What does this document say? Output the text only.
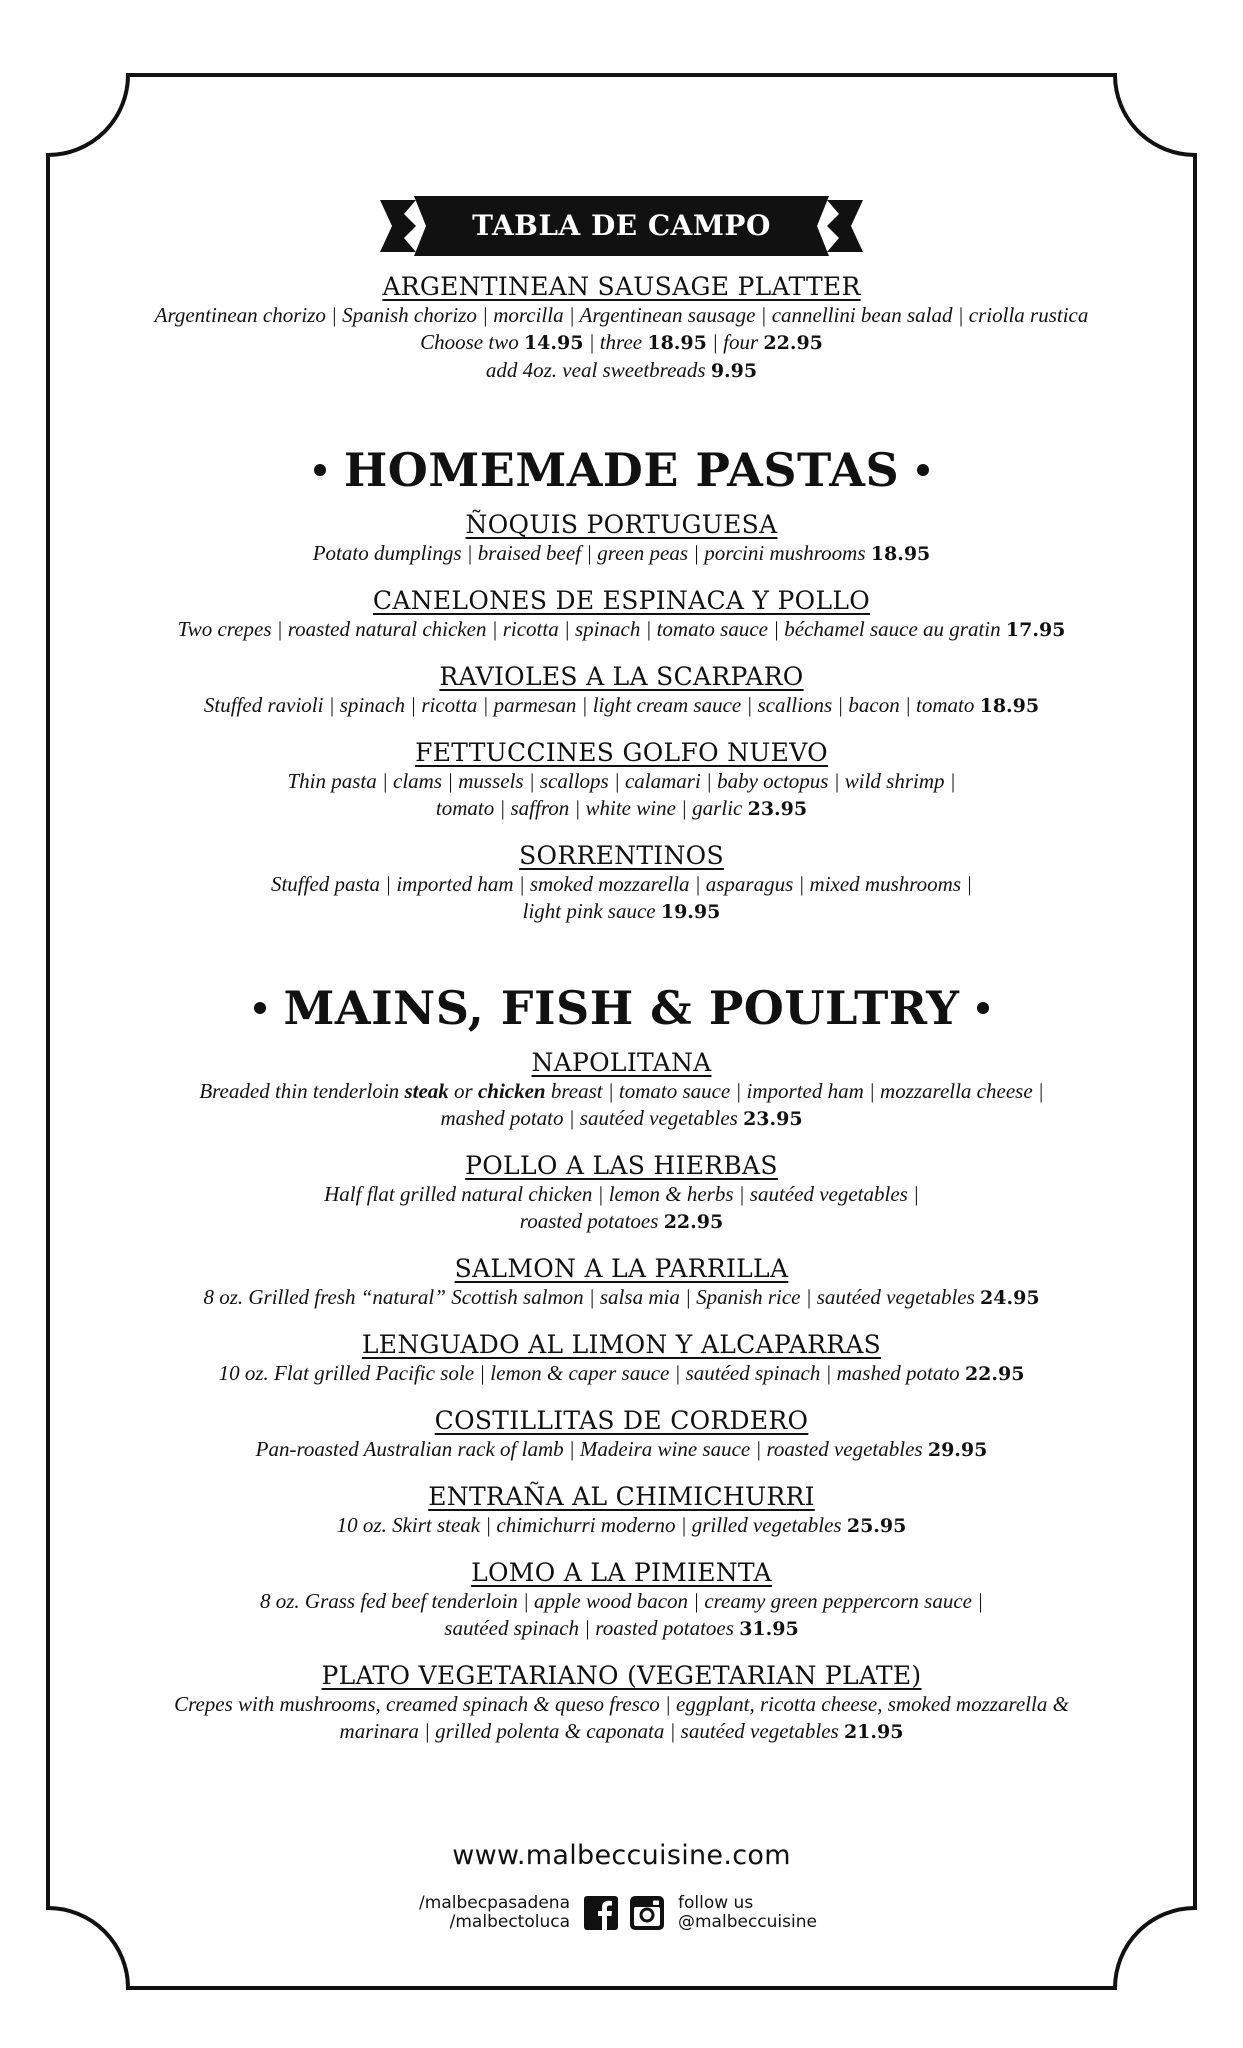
TABLA DE CAMPO
ARGENTINEAN SAUSAGE PLATTER
Argentinean chorizo | Spanish chorizo | morcilla | Argentinean sausage | cannellini bean salad | criolla rustica
Choose two 14.95 | three 18.95 | four 22.95
add 4oz. veal sweetbreads 9.95
HOMEMADE PASTAS
ÑOQUIS PORTUGUESA
Potato dumplings | braised beef | green peas | porcini mushrooms 18.95
CANELONES DE ESPINACA Y POLLO
Two crepes | roasted natural chicken | ricotta | spinach | tomato sauce | béchamel sauce au gratin 17.95
RAVIOLES A LA SCARPARO
Stuffed ravioli | spinach | ricotta | parmesan | light cream sauce | scallions | bacon | tomato 18.95
FETTUCCINES GOLFO NUEVO
Thin pasta | clams | mussels | scallops | calamari | baby octopus | wild shrimp |
tomato | saffron | white wine | garlic 23.95
SORRENTINOS
Stuffed pasta | imported ham | smoked mozzarella | asparagus | mixed mushrooms |
light pink sauce 19.95
MAINS, FISH & POULTRY
NAPOLITANA
Breaded thin tenderloin steak or chicken breast | tomato sauce | imported ham | mozzarella cheese |
mashed potato | sautéed vegetables 23.95
POLLO A LAS HIERBAS
Half flat grilled natural chicken | lemon & herbs | sautéed vegetables |
roasted potatoes 22.95
SALMON A LA PARRILLA
8 oz. Grilled fresh “natural” Scottish salmon | salsa mia | Spanish rice | sautéed vegetables 24.95
LENGUADO AL LIMON Y ALCAPARRAS
10 oz. Flat grilled Pacific sole | lemon & caper sauce | sautéed spinach | mashed potato 22.95
COSTILLITAS DE CORDERO
Pan-roasted Australian rack of lamb | Madeira wine sauce | roasted vegetables 29.95
ENTRAÑA AL CHIMICHURRI
10 oz. Skirt steak | chimichurri moderno | grilled vegetables 25.95
LOMO A LA PIMIENTA
8 oz. Grass fed beef tenderloin | apple wood bacon | creamy green peppercorn sauce |
sautéed spinach | roasted potatoes 31.95
PLATO VEGETARIANO (VEGETARIAN PLATE)
Crepes with mushrooms, creamed spinach & queso fresco | eggplant, ricotta cheese, smoked mozzarella &
marinara | grilled polenta & caponata | sautéed vegetables 21.95
www.malbeccuisine.com
/malbecpasadena
/malbectoluca
follow us
@malbeccuisine
